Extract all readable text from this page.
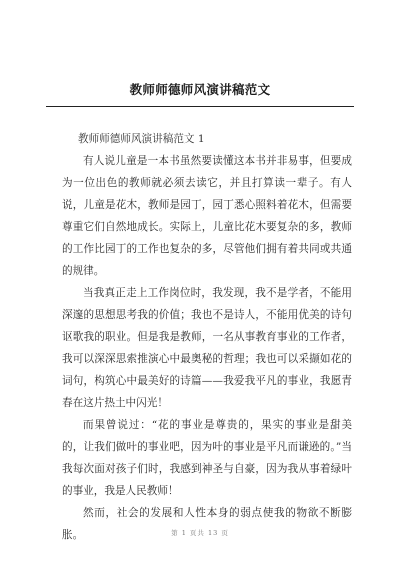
教师师德师风演讲稿范文

教师师德师风演讲稿范文 1

有人说儿童是一本书虽然要读懂这本书并非易事，但要成为一位出色的教师就必须去读它，并且打算读一辈子。有人说，儿童是花木，教师是园丁，园丁悉心照料着花木，但需要尊重它们自然地成长。实际上，儿童比花木要复杂的多，教师的工作比园丁的工作也复杂的多，尽管他们拥有着共同或共通的规律。

当我真正走上工作岗位时，我发现，我不是学者，不能用深邃的思想思考我的价值；我也不是诗人，不能用优美的诗句讴歌我的职业。但是我是教师，一名从事教育事业的工作者，我可以深深思索推演心中最奥秘的哲理；我也可以采撷如花的词句，构筑心中最美好的诗篇——我爱我平凡的事业，我愿青春在这片热土中闪光！

而果曾说过：“花的事业是尊贵的，果实的事业是甜美的，让我们做叶的事业吧，因为叶的事业是平凡而谦逊的。”当我每次面对孩子们时，我感到神圣与自豪，因为我从事着绿叶的事业，我是人民教师！

然而，社会的发展和人性本身的弱点使我的物欲不断膨胀。	第 1 页共 13 页
